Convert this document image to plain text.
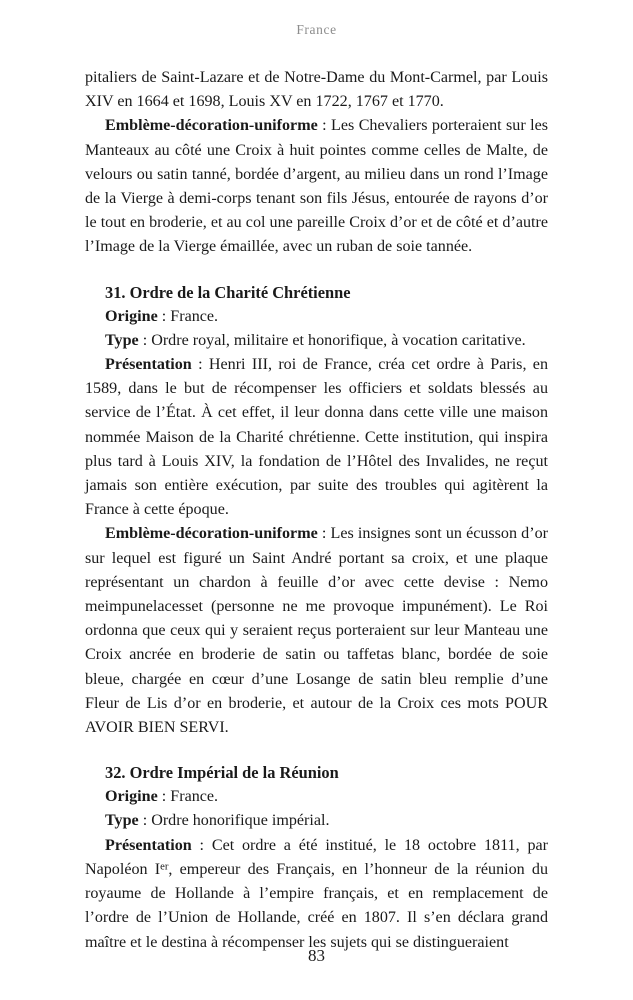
France

pitaliers de Saint-Lazare et de Notre-Dame du Mont-Carmel, par Louis XIV en 1664 et 1698, Louis XV en 1722, 1767 et 1770.

Emblème-décoration-uniforme : Les Chevaliers porteraient sur les Manteaux au côté une Croix à huit pointes comme celles de Malte, de velours ou satin tanné, bordée d’argent, au milieu dans un rond l’Image de la Vierge à demi-corps tenant son fils Jésus, entourée de rayons d’or le tout en broderie, et au col une pareille Croix d’or et de côté et d’autre l’Image de la Vierge émaillée, avec un ruban de soie tannée.

31. Ordre de la Charité Chrétienne

Origine : France.

Type : Ordre royal, militaire et honorifique, à vocation caritative.

Présentation : Henri III, roi de France, créa cet ordre à Paris, en 1589, dans le but de récompenser les officiers et soldats blessés au service de l’État. À cet effet, il leur donna dans cette ville une maison nommée Maison de la Charité chrétienne. Cette institution, qui inspira plus tard à Louis XIV, la fondation de l’Hôtel des Invalides, ne reçut jamais son entière exécution, par suite des troubles qui agitèrent la France à cette époque.

Emblème-décoration-uniforme : Les insignes sont un écusson d’or sur lequel est figuré un Saint André portant sa croix, et une plaque représentant un chardon à feuille d’or avec cette devise : Nemo meimpunelacesset (personne ne me provoque impunément). Le Roi ordonna que ceux qui y seraient reçus porteraient sur leur Manteau une Croix ancrée en broderie de satin ou taffetas blanc, bordée de soie bleue, chargée en cœur d’une Losange de satin bleu remplie d’une Fleur de Lis d’or en broderie, et autour de la Croix ces mots POUR AVOIR BIEN SERVI.

32. Ordre Impérial de la Réunion

Origine : France.

Type : Ordre honorifique impérial.

Présentation : Cet ordre a été institué, le 18 octobre 1811, par Napoléon Ier, empereur des Français, en l’honneur de la réunion du royaume de Hollande à l’empire français, et en remplacement de l’ordre de l’Union de Hollande, créé en 1807. Il s’en déclara grand maître et le destina à récompenser les sujets qui se distingueraient

83
